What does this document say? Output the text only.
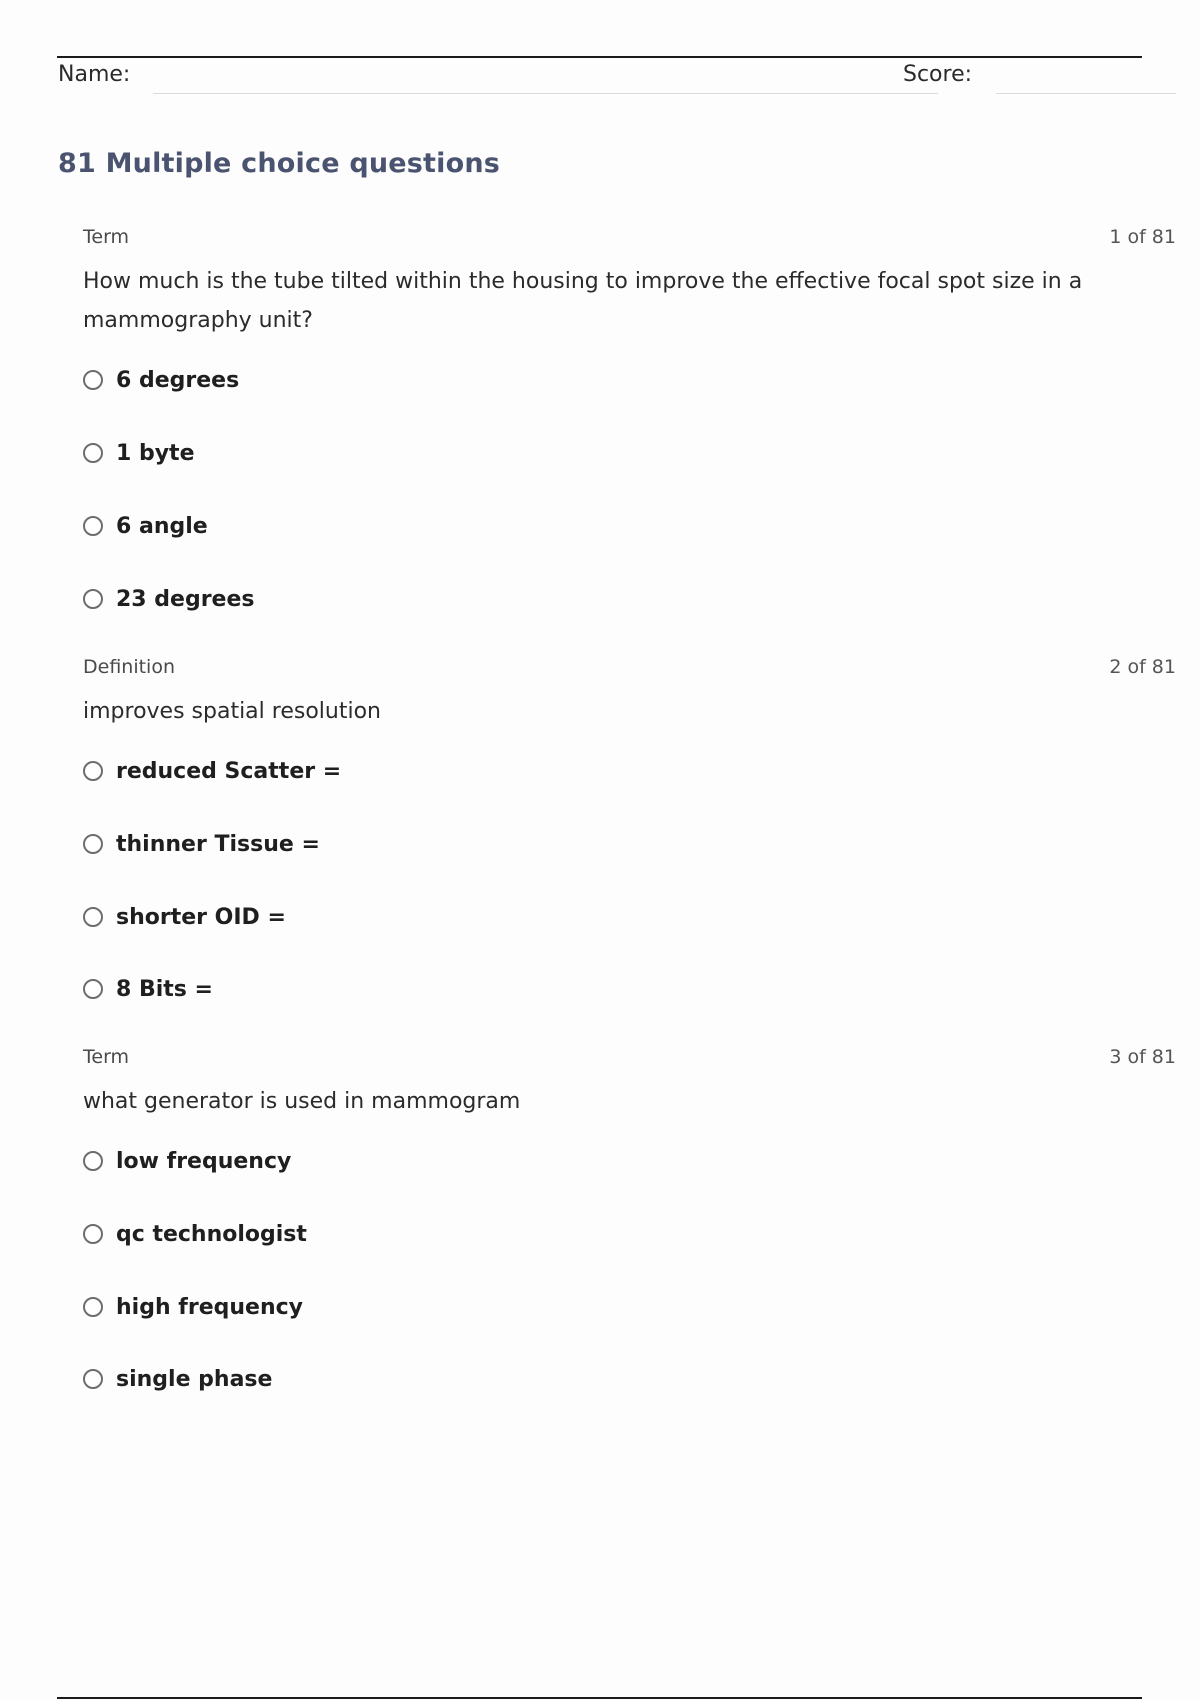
Name:	Score:
81 Multiple choice questions
Term	1 of 81
How much is the tube tilted within the housing to improve the effective focal spot size in a mammography unit?
6 degrees
1 byte
6 angle
23 degrees
Definition	2 of 81
improves spatial resolution
reduced Scatter =
thinner Tissue =
shorter OID =
8 Bits =
Term	3 of 81
what generator is used in mammogram
low frequency
qc technologist
high frequency
single phase
